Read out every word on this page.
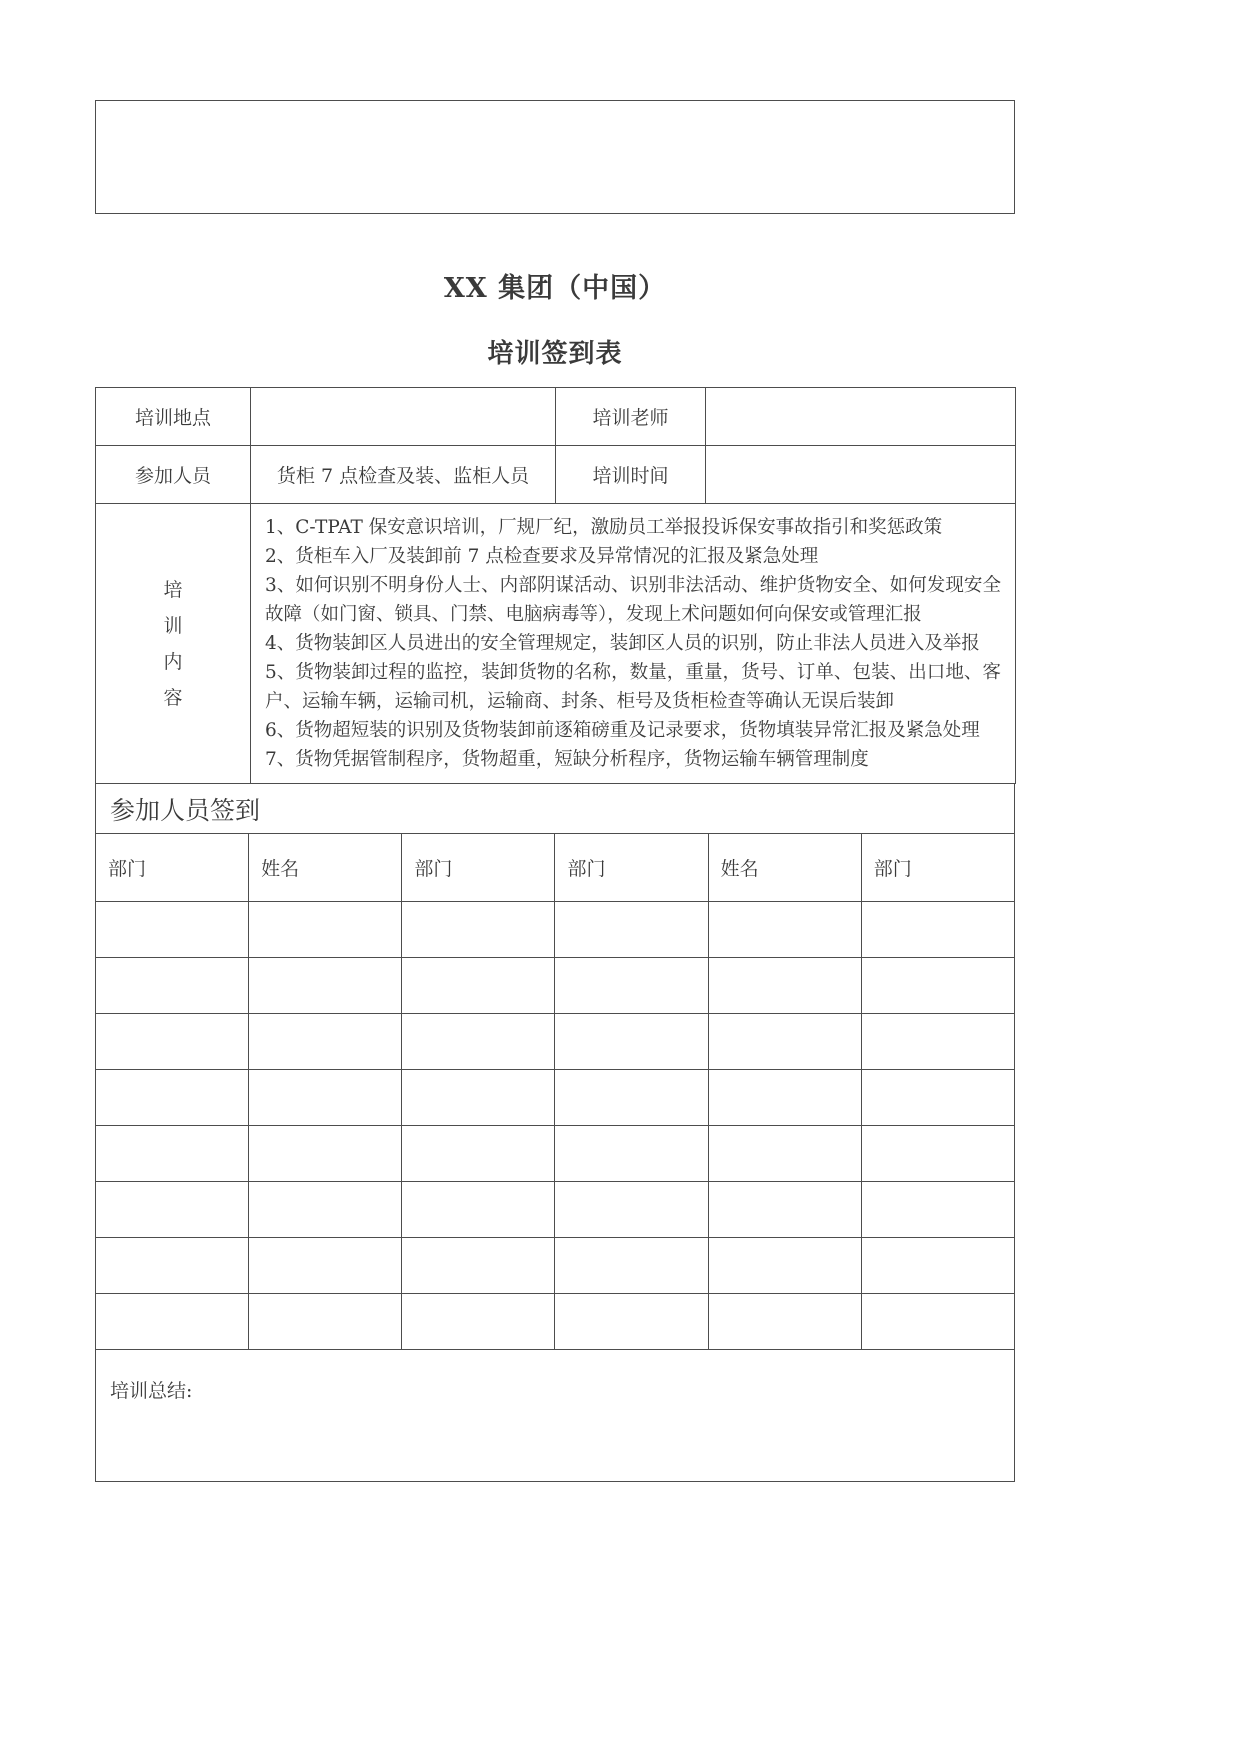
XX 集团（中国）
培训签到表
培训地点		培训老师	
参加人员	货柜 7 点检查及装、监柜人员	培训时间	

培
训
内
容

1、C-TPAT 保安意识培训，厂规厂纪，激励员工举报投诉保安事故指引和奖惩政策
2、货柜车入厂及装卸前 7 点检查要求及异常情况的汇报及紧急处理
3、如何识别不明身份人士、内部阴谋活动、识别非法活动、维护货物安全、如何发现安全故障（如门窗、锁具、门禁、电脑病毒等），发现上术问题如何向保安或管理汇报
4、货物装卸区人员进出的安全管理规定，装卸区人员的识别，防止非法人员进入及举报
5、货物装卸过程的监控，装卸货物的名称，数量，重量，货号、订单、包装、出口地、客户、运输车辆，运输司机，运输商、封条、柜号及货柜检查等确认无误后装卸
6、货物超短装的识别及货物装卸前逐箱磅重及记录要求，货物填装异常汇报及紧急处理
7、货物凭据管制程序，货物超重，短缺分析程序，货物运输车辆管理制度
参加人员签到
部门	姓名	部门	部门	姓名	部门

培训总结:
